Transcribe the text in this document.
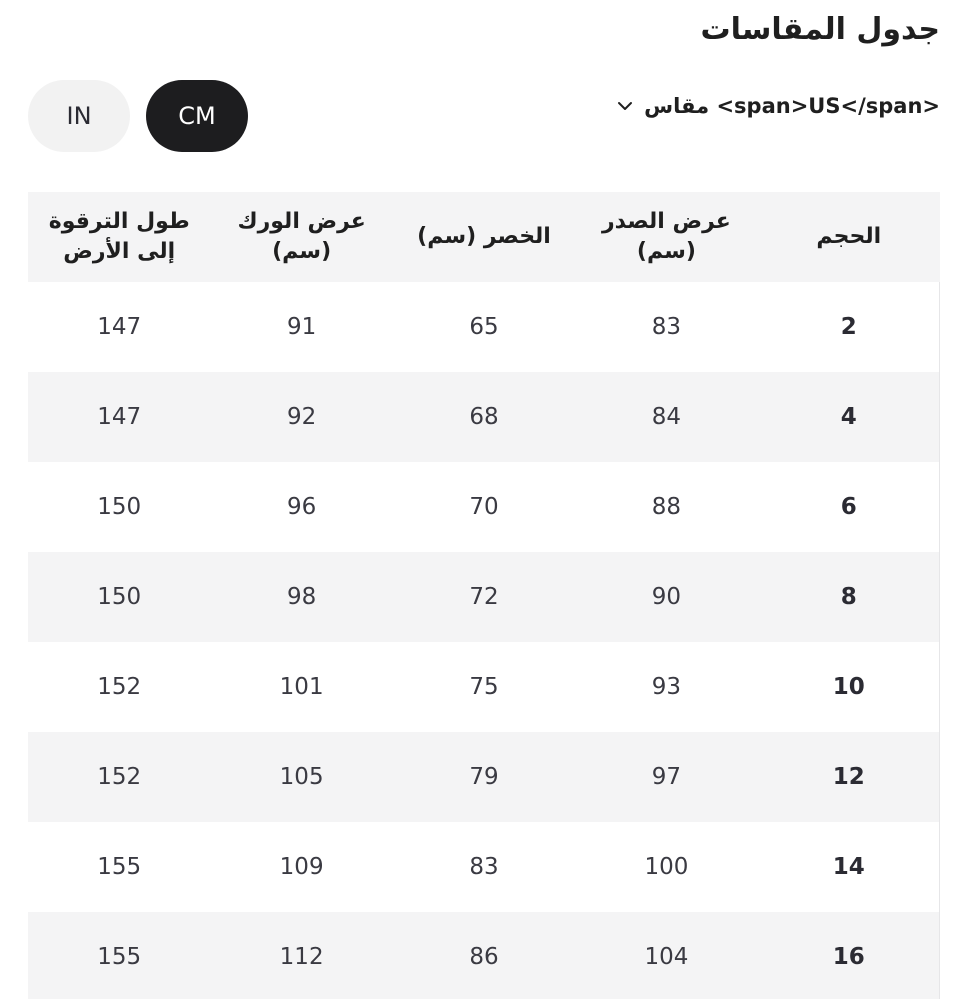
جدول المقاسات
IN	CM	مقاس <span>US</span>
الحجم	عرض الصدر (سم)	الخصر (سم)	عرض الورك (سم)	طول الترقوة إلى الأرض
2	83	65	91	147
4	84	68	92	147
6	88	70	96	150
8	90	72	98	150
10	93	75	101	152
12	97	79	105	152
14	100	83	109	155
16	104	86	112	155
